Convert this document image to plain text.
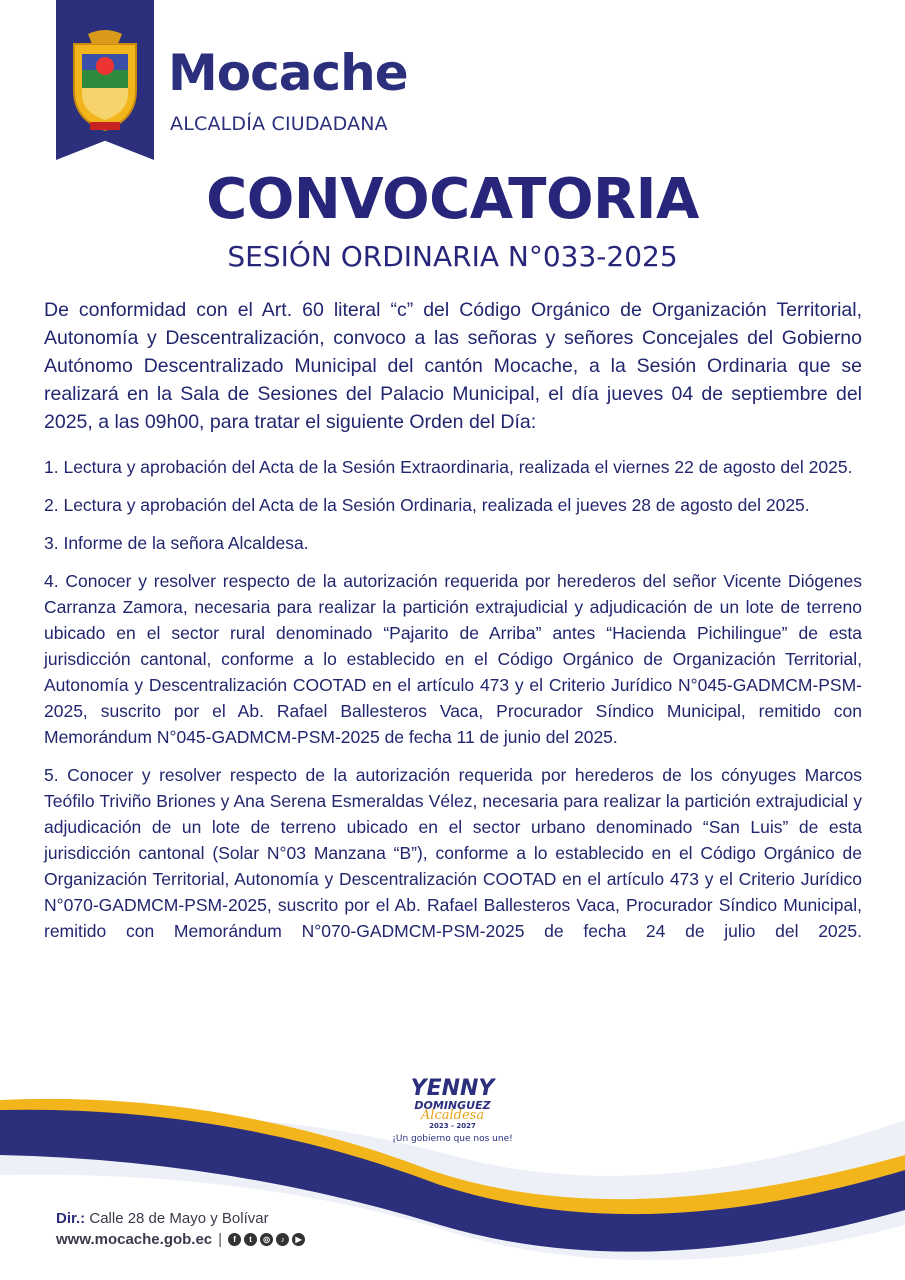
Mocache
ALCALDÍA CIUDADANA
CONVOCATORIA
SESIÓN ORDINARIA N°033-2025

De conformidad con el Art. 60 literal “c” del Código Orgánico de Organización Territorial, Autonomía y Descentralización, convoco a las señoras y señores Concejales del Gobierno Autónomo Descentralizado Municipal del cantón Mocache, a la Sesión Ordinaria que se realizará en la Sala de Sesiones del Palacio Municipal, el día jueves 04 de septiembre del 2025, a las 09h00, para tratar el siguiente Orden del Día:

1. Lectura y aprobación del Acta de la Sesión Extraordinaria, realizada el viernes 22 de agosto del 2025.

2. Lectura y aprobación del Acta de la Sesión Ordinaria, realizada el jueves 28 de agosto del 2025.

3. Informe de la señora Alcaldesa.

4. Conocer y resolver respecto de la autorización requerida por herederos del señor Vicente Diógenes Carranza Zamora, necesaria para realizar la partición extrajudicial y adjudicación de un lote de terreno ubicado en el sector rural denominado “Pajarito de Arriba” antes “Hacienda Pichilingue” de esta jurisdicción cantonal, conforme a lo establecido en el Código Orgánico de Organización Territorial, Autonomía y Descentralización COOTAD en el artículo 473 y el Criterio Jurídico N°045-GADMCM-PSM-2025, suscrito por el Ab. Rafael Ballesteros Vaca, Procurador Síndico Municipal, remitido con Memorándum N°045-GADMCM-PSM-2025 de fecha 11 de junio del 2025.

5. Conocer y resolver respecto de la autorización requerida por herederos de los cónyuges Marcos Teófilo Triviño Briones y Ana Serena Esmeraldas Vélez, necesaria para realizar la partición extrajudicial y adjudicación de un lote de terreno ubicado en el sector urbano denominado “San Luis” de esta jurisdicción cantonal (Solar N°03 Manzana “B”), conforme a lo establecido en el Código Orgánico de Organización Territorial, Autonomía y Descentralización COOTAD en el artículo 473 y el Criterio Jurídico N°070-GADMCM-PSM-2025, suscrito por el Ab. Rafael Ballesteros Vaca, Procurador Síndico Municipal, remitido con Memorándum N°070-GADMCM-PSM-2025 de fecha 24 de julio del 2025.

YENNY
DOMINGUEZ
Alcaldesa
2023 - 2027
¡Un gobierno que nos une!
Dir.: Calle 28 de Mayo y Bolívar
www.mocache.gob.ec |	f	t	◎	♪	▶
